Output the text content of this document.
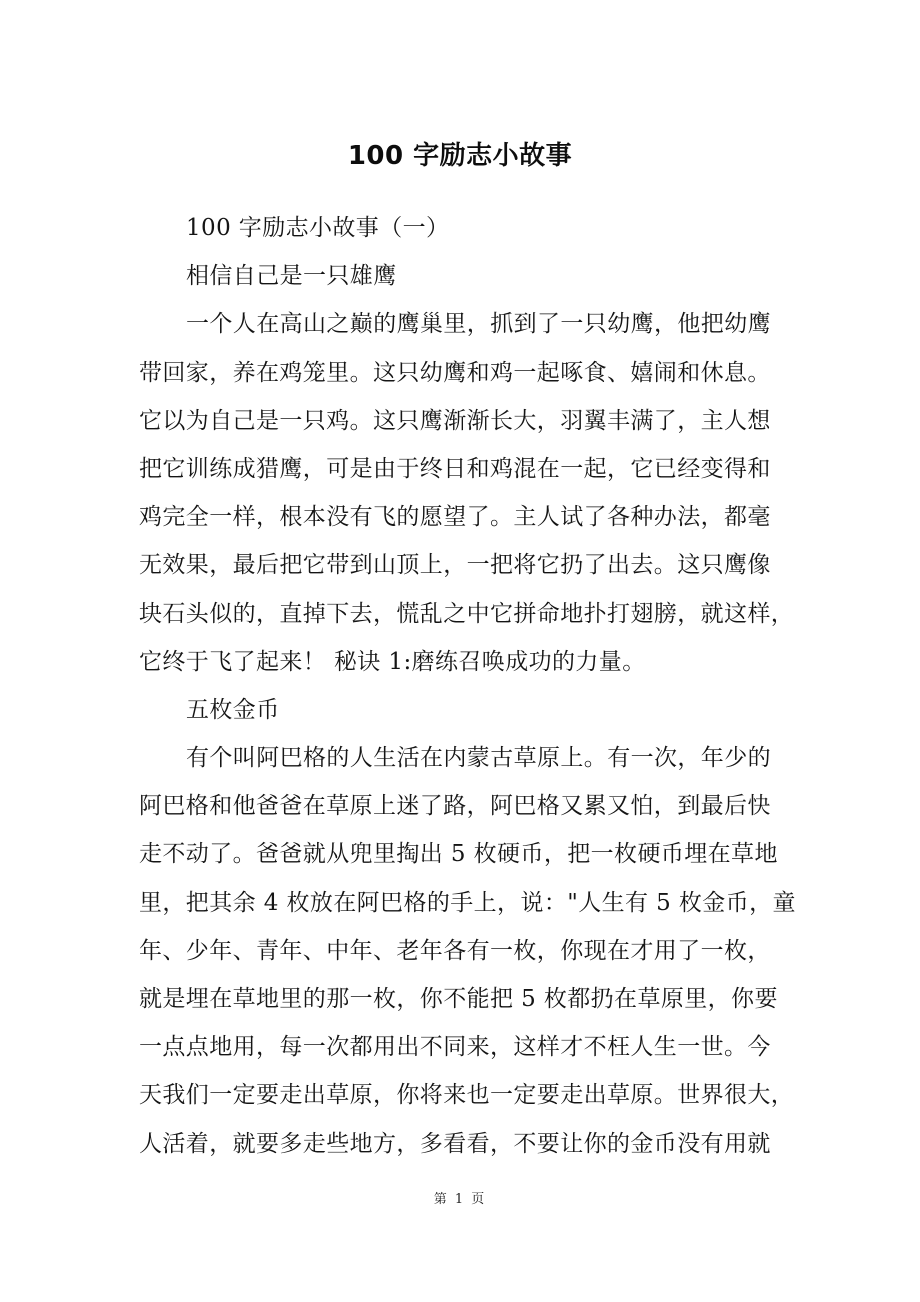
100 字励志小故事
100 字励志小故事（一）
相信自己是一只雄鹰
一个人在高山之巅的鹰巢里，抓到了一只幼鹰，他把幼鹰
带回家，养在鸡笼里。这只幼鹰和鸡一起啄食、嬉闹和休息。
它以为自己是一只鸡。这只鹰渐渐长大，羽翼丰满了，主人想
把它训练成猎鹰，可是由于终日和鸡混在一起，它已经变得和
鸡完全一样，根本没有飞的愿望了。主人试了各种办法，都毫
无效果，最后把它带到山顶上，一把将它扔了出去。这只鹰像
块石头似的，直掉下去，慌乱之中它拼命地扑打翅膀，就这样，
它终于飞了起来！ 秘诀 1:磨练召唤成功的力量。
五枚金币
有个叫阿巴格的人生活在内蒙古草原上。有一次，年少的
阿巴格和他爸爸在草原上迷了路，阿巴格又累又怕，到最后快
走不动了。爸爸就从兜里掏出 5 枚硬币，把一枚硬币埋在草地
里，把其余 4 枚放在阿巴格的手上，说："人生有 5 枚金币，童
年、少年、青年、中年、老年各有一枚，你现在才用了一枚，
就是埋在草地里的那一枚，你不能把 5 枚都扔在草原里，你要
一点点地用，每一次都用出不同来，这样才不枉人生一世。今
天我们一定要走出草原，你将来也一定要走出草原。世界很大，
人活着，就要多走些地方，多看看，不要让你的金币没有用就
第 1 页
